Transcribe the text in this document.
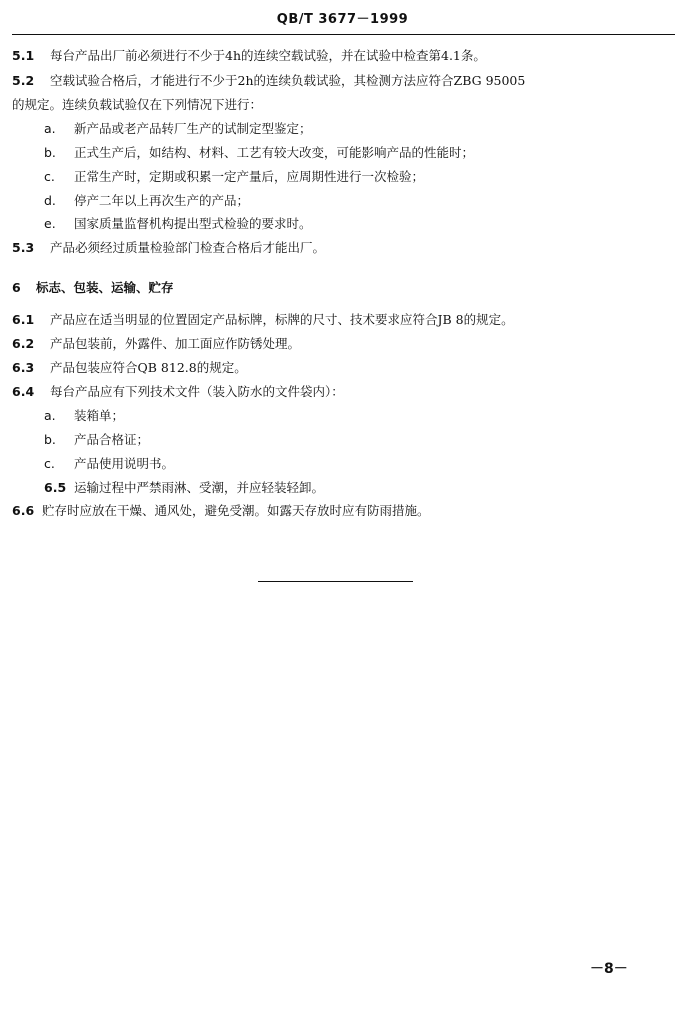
QB/T 3677－1999
5.1 每台产品出厂前必须进行不少于4h的连续空载试验，并在试验中检查第4.1条。
5.2 空载试验合格后，才能进行不少于2h的连续负载试验，其检测方法应符合ZBG 95005
的规定。连续负载试验仅在下列情况下进行：
a. 新产品或老产品转厂生产的试制定型鉴定；
b. 正式生产后，如结构、材料、工艺有较大改变，可能影响产品的性能时；
c. 正常生产时，定期或积累一定产量后，应周期性进行一次检验；
d. 停产二年以上再次生产的产品；
e. 国家质量监督机构提出型式检验的要求时。
5.3 产品必须经过质量检验部门检查合格后才能出厂。
6 标志、包装、运输、贮存
6.1 产品应在适当明显的位置固定产品标牌，标牌的尺寸、技术要求应符合JB 8的规定。
6.2 产品包装前，外露件、加工面应作防锈处理。
6.3 产品包装应符合QB 812.8的规定。
6.4 每台产品应有下列技术文件（装入防水的文件袋内）：
a. 装箱单；
b. 产品合格证；
c. 产品使用说明书。
6.5 运输过程中严禁雨淋、受潮，并应轻装轻卸。
6.6 贮存时应放在干燥、通风处，避免受潮。如露天存放时应有防雨措施。
－8－
